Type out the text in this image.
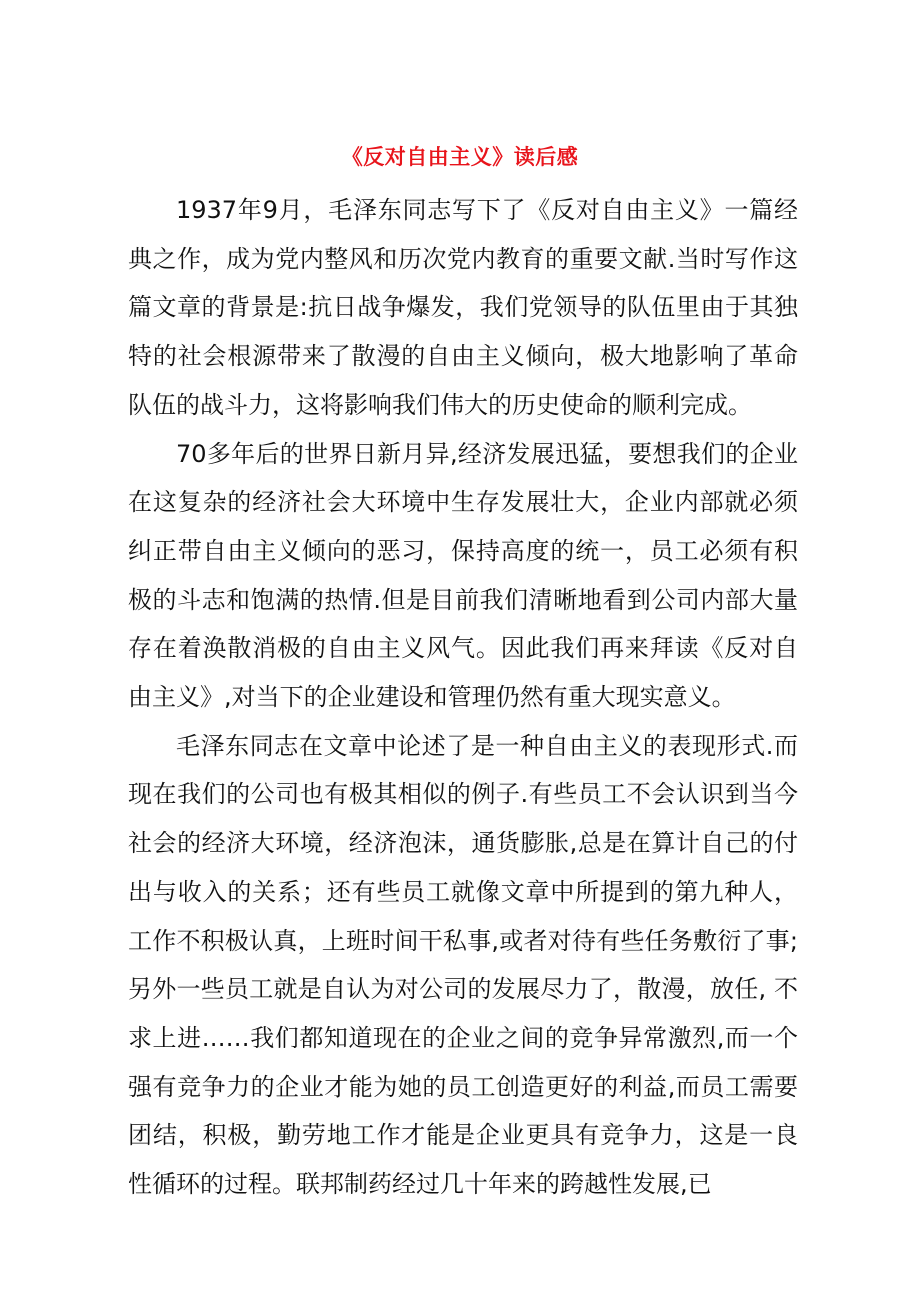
《反对自由主义》读后感

1937年9月，毛泽东同志写下了《反对自由主义》一篇经典之作，成为党内整风和历次党内教育的重要文献.当时写作这篇文章的背景是:抗日战争爆发，我们党领导的队伍里由于其独特的社会根源带来了散漫的自由主义倾向，极大地影响了革命队伍的战斗力，这将影响我们伟大的历史使命的顺利完成。

70多年后的世界日新月异,经济发展迅猛，要想我们的企业在这复杂的经济社会大环境中生存发展壮大，企业内部就必须纠正带自由主义倾向的恶习，保持高度的统一，员工必须有积极的斗志和饱满的热情.但是目前我们清晰地看到公司内部大量存在着涣散消极的自由主义风气。因此我们再来拜读《反对自由主义》,对当下的企业建设和管理仍然有重大现实意义。

毛泽东同志在文章中论述了是一种自由主义的表现形式.而现在我们的公司也有极其相似的例子.有些员工不会认识到当今社会的经济大环境，经济泡沫，通货膨胀,总是在算计自己的付出与收入的关系；还有些员工就像文章中所提到的第九种人，工作不积极认真，上班时间干私事,或者对待有些任务敷衍了事;另外一些员工就是自认为对公司的发展尽力了，散漫，放任, 不求上进……我们都知道现在的企业之间的竞争异常激烈,而一个强有竞争力的企业才能为她的员工创造更好的利益,而员工需要团结，积极，勤劳地工作才能是企业更具有竞争力，这是一良性循环的过程。联邦制药经过几十年来的跨越性发展,已
